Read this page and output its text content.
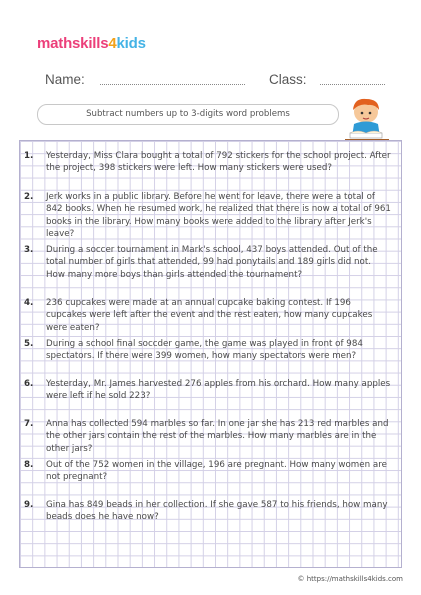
mathskills4kids
Name:	Class:
Subtract numbers up to 3-digits word problems
1. Yesterday, Miss Clara bought a total of 792 stickers for the school project. After the project, 398 stickers were left. How many stickers were used?
2. Jerk works in a public library. Before he went for leave, there were a total of 842 books. When he resumed work, he realized that there is now a total of 961 books in the library. How many books were added to the library after Jerk's leave?
3. During a soccer tournament in Mark's school, 437 boys attended. Out of the total number of girls that attended, 99 had ponytails and 189 girls did not. How many more boys than girls attended the tournament?
4. 236 cupcakes were made at an annual cupcake baking contest. If 196 cupcakes were left after the event and the rest eaten, how many cupcakes were eaten?
5. During a school final soccder game, the game was played in front of 984 spectators. If there were 399 women, how many spectators were men?
6. Yesterday, Mr. James harvested 276 apples from his orchard. How many apples were left if he sold 223?
7. Anna has collected 594 marbles so far. In one jar she has 213 red marbles and the other jars contain the rest of the marbles. How many marbles are in the other jars?
8. Out of the 752 women in the village, 196 are pregnant. How many women are not pregnant?
9. Gina has 849 beads in her collection. If she gave 587 to his friends, how many beads does he have now?
© https://mathskills4kids.com
